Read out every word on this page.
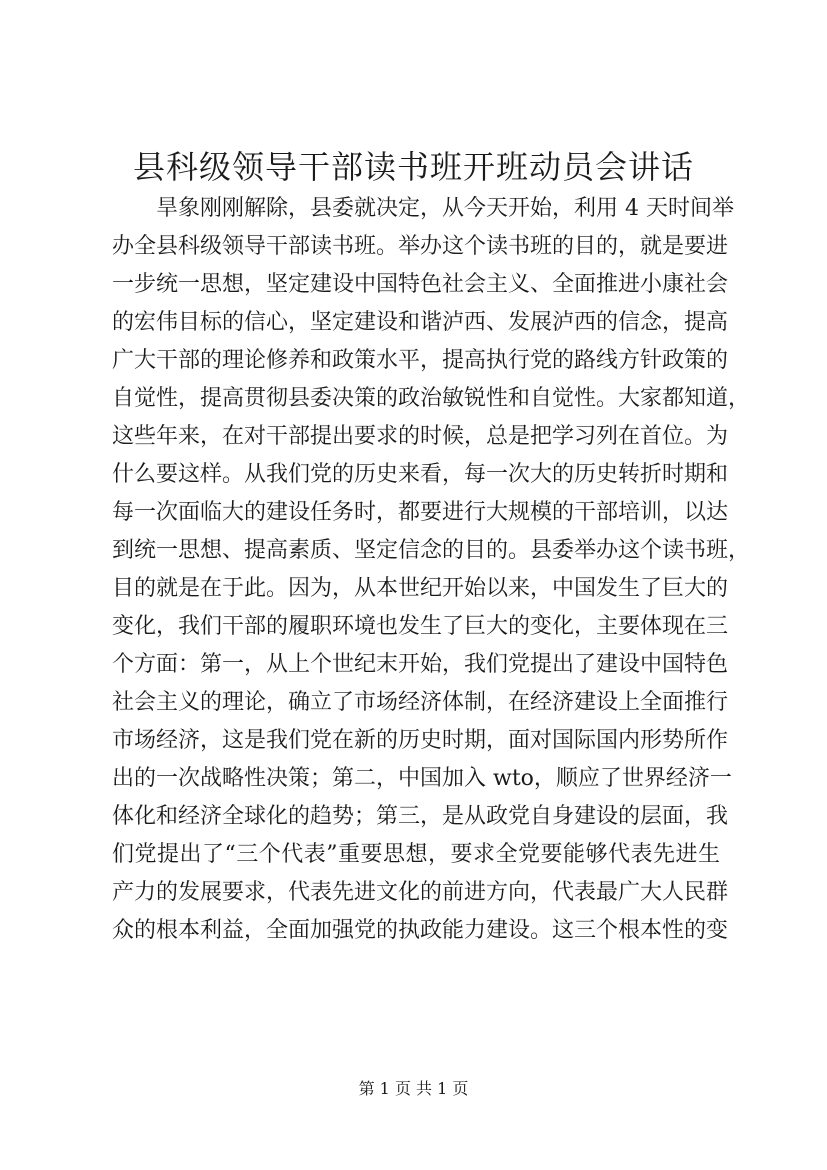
县科级领导干部读书班开班动员会讲话
旱象刚刚解除，县委就决定，从今天开始，利用 4 天时间举
办全县科级领导干部读书班。举办这个读书班的目的，就是要进
一步统一思想，坚定建设中国特色社会主义、全面推进小康社会
的宏伟目标的信心，坚定建设和谐泸西、发展泸西的信念，提高
广大干部的理论修养和政策水平，提高执行党的路线方针政策的
自觉性，提高贯彻县委决策的政治敏锐性和自觉性。大家都知道，
这些年来，在对干部提出要求的时候，总是把学习列在首位。为
什么要这样。从我们党的历史来看，每一次大的历史转折时期和
每一次面临大的建设任务时，都要进行大规模的干部培训，以达
到统一思想、提高素质、坚定信念的目的。县委举办这个读书班，
目的就是在于此。因为，从本世纪开始以来，中国发生了巨大的
变化，我们干部的履职环境也发生了巨大的变化，主要体现在三
个方面：第一，从上个世纪末开始，我们党提出了建设中国特色
社会主义的理论，确立了市场经济体制，在经济建设上全面推行
市场经济，这是我们党在新的历史时期，面对国际国内形势所作
出的一次战略性决策；第二，中国加入 wto，顺应了世界经济一
体化和经济全球化的趋势；第三，是从政党自身建设的层面，我
们党提出了“三个代表”重要思想，要求全党要能够代表先进生
产力的发展要求，代表先进文化的前进方向，代表最广大人民群
众的根本利益，全面加强党的执政能力建设。这三个根本性的变
第 1 页 共 1 页
